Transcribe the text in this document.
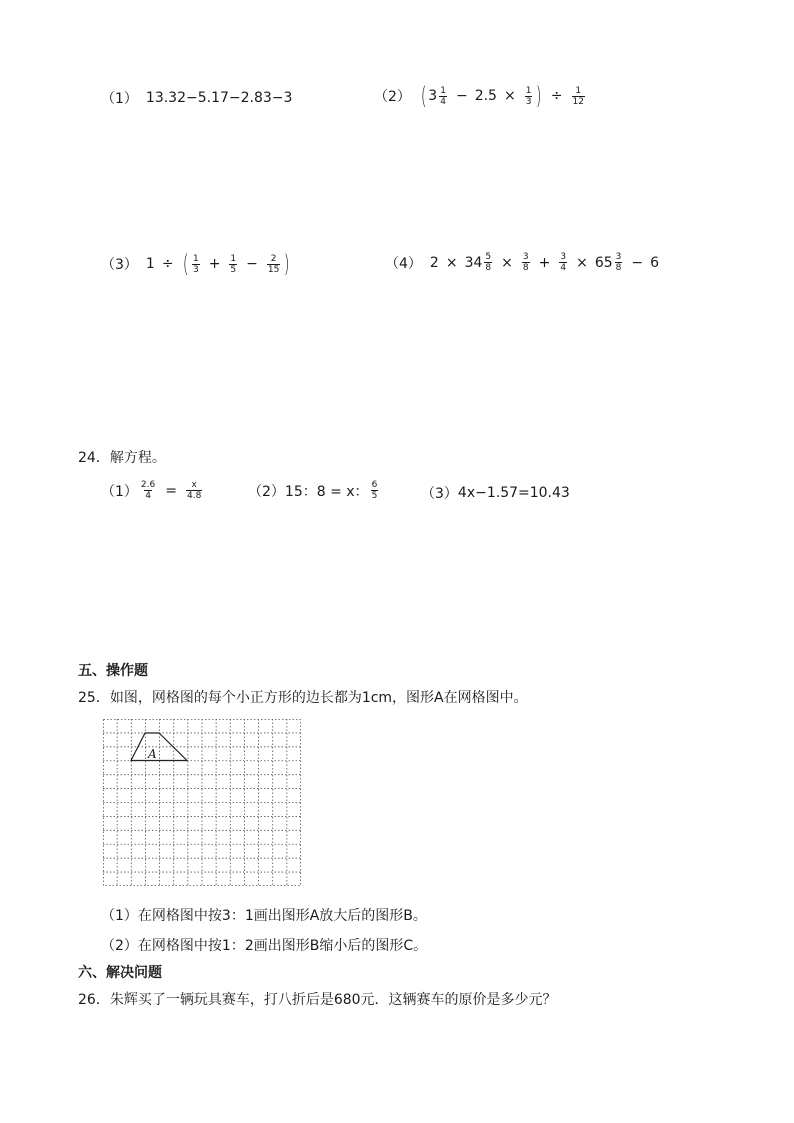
（1） 13.32−5.17−2.83−3	（2） ( $3 \frac{1}{4} - 2.5 \times \frac{1}{3}$ ) ÷ $\frac{1}{12}$
（3） 1 ÷ ( $\frac{1}{3} + \frac{1}{5} - \frac{2}{15}$ )	（4） $2 \times 34 \frac{5}{8} \times \frac{3}{8} + \frac{3}{4} \times 65 \frac{3}{8} - 6$
24．解方程。
$(1) \frac{2.6}{4} = \frac{x}{4.8}$	（2） 15：8 = x： $\frac{6}{5}$	（3） 4x−1.57=10.43
五、操作题
25．如图，网格图的每个小正方形的边长都为1cm，图形A在网格图中。
A
（1）在网格图中按3：1画出图形A放大后的图形B。
（2）在网格图中按1：2画出图形B缩小后的图形C。
六、解决问题
26．朱辉买了一辆玩具赛车，打八折后是680元．这辆赛车的原价是多少元？
